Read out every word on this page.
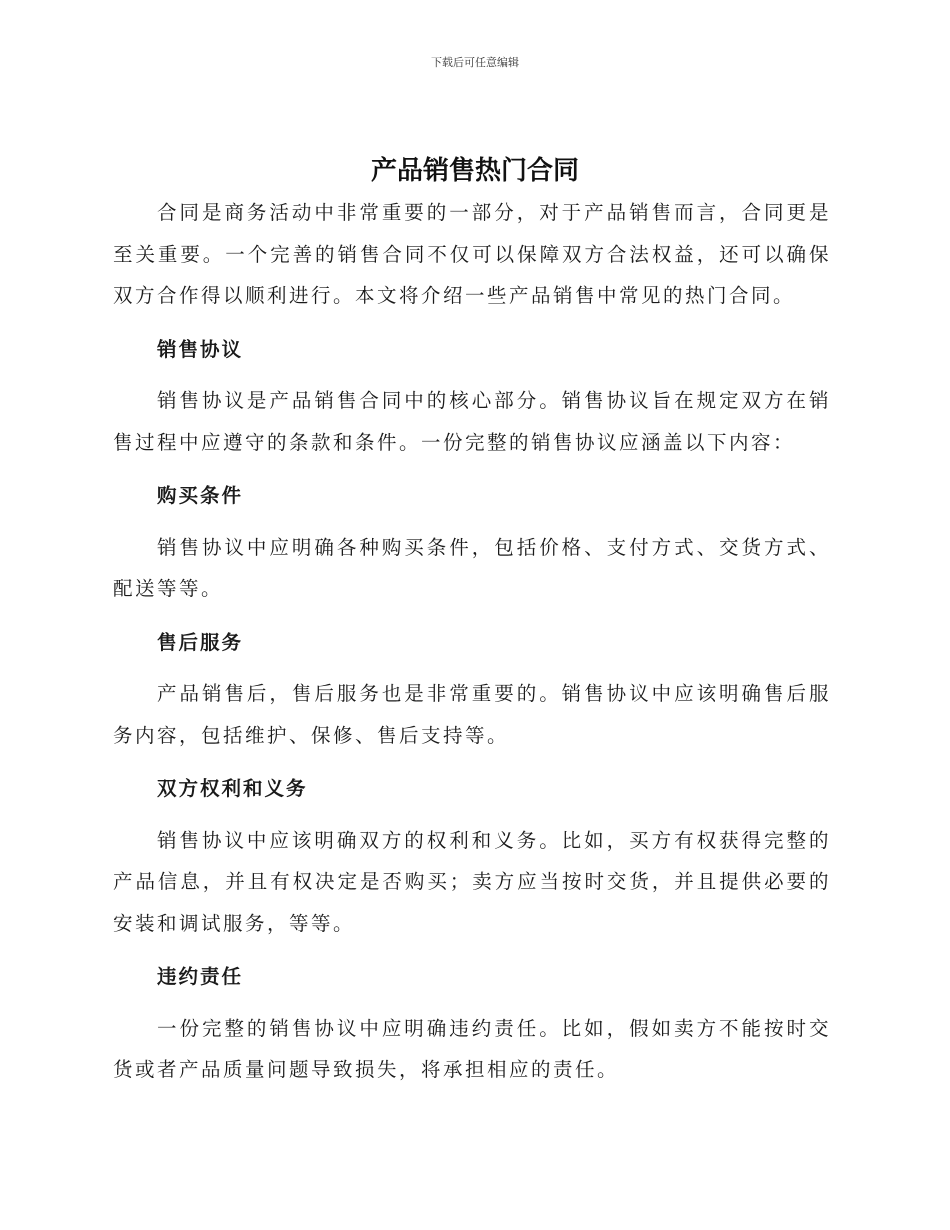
下载后可任意编辑
产品销售热门合同

合同是商务活动中非常重要的一部分，对于产品销售而言，合同更是至关重要。一个完善的销售合同不仅可以保障双方合法权益，还可以确保双方合作得以顺利进行。本文将介绍一些产品销售中常见的热门合同。

销售协议

销售协议是产品销售合同中的核心部分。销售协议旨在规定双方在销售过程中应遵守的条款和条件。一份完整的销售协议应涵盖以下内容：

购买条件

销售协议中应明确各种购买条件，包括价格、支付方式、交货方式、配送等等。

售后服务

产品销售后，售后服务也是非常重要的。销售协议中应该明确售后服务内容，包括维护、保修、售后支持等。

双方权利和义务

销售协议中应该明确双方的权利和义务。比如，买方有权获得完整的产品信息，并且有权决定是否购买；卖方应当按时交货，并且提供必要的安装和调试服务，等等。

违约责任

一份完整的销售协议中应明确违约责任。比如，假如卖方不能按时交货或者产品质量问题导致损失，将承担相应的责任。
